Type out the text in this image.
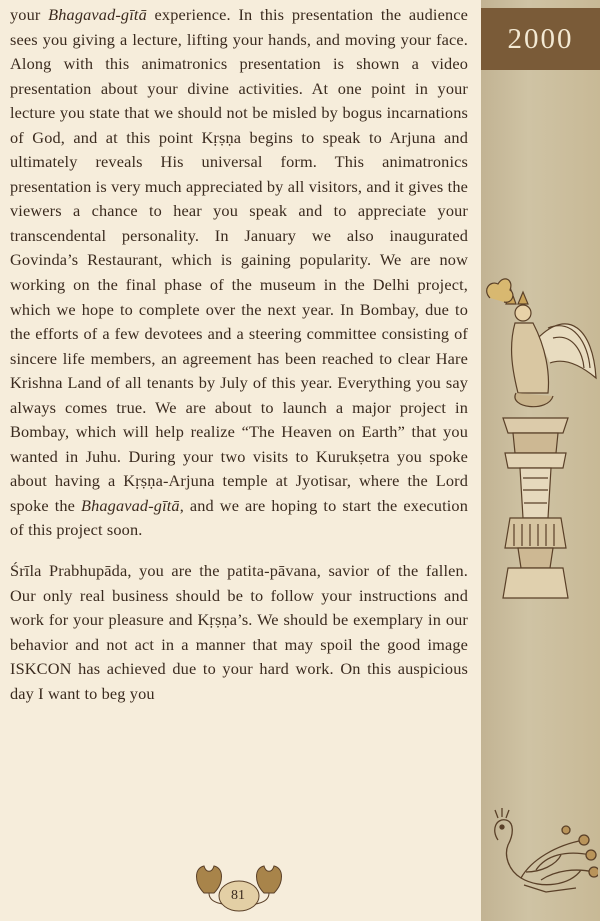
your Bhagavad-gītā experience. In this presentation the audience sees you giving a lecture, lifting your hands, and moving your face. Along with this animatronics presentation is shown a video presentation about your divine activities. At one point in your lecture you state that we should not be misled by bogus incarnations of God, and at this point Kṛṣṇa begins to speak to Arjuna and ultimately reveals His universal form. This animatronics presentation is very much appreciated by all visitors, and it gives the viewers a chance to hear you speak and to appreciate your transcendental personality. In January we also inaugurated Govinda’s Restaurant, which is gaining popularity. We are now working on the final phase of the museum in the Delhi project, which we hope to complete over the next year. In Bombay, due to the efforts of a few devotees and a steering committee consisting of sincere life members, an agreement has been reached to clear Hare Krishna Land of all tenants by July of this year. Everything you say always comes true. We are about to launch a major project in Bombay, which will help realize “The Heaven on Earth” that you wanted in Juhu. During your two visits to Kurukṣetra you spoke about having a Kṛṣṇa-Arjuna temple at Jyotisar, where the Lord spoke the Bhagavad-gītā, and we are hoping to start the execution of this project soon.

Śrīla Prabhupāda, you are the patita-pāvana, savior of the fallen. Our only real business should be to follow your instructions and work for your pleasure and Kṛṣṇa’s. We should be exemplary in our behavior and not act in a manner that may spoil the good image ISKCON has achieved due to your hard work. On this auspicious day I want to beg you

2000
81
